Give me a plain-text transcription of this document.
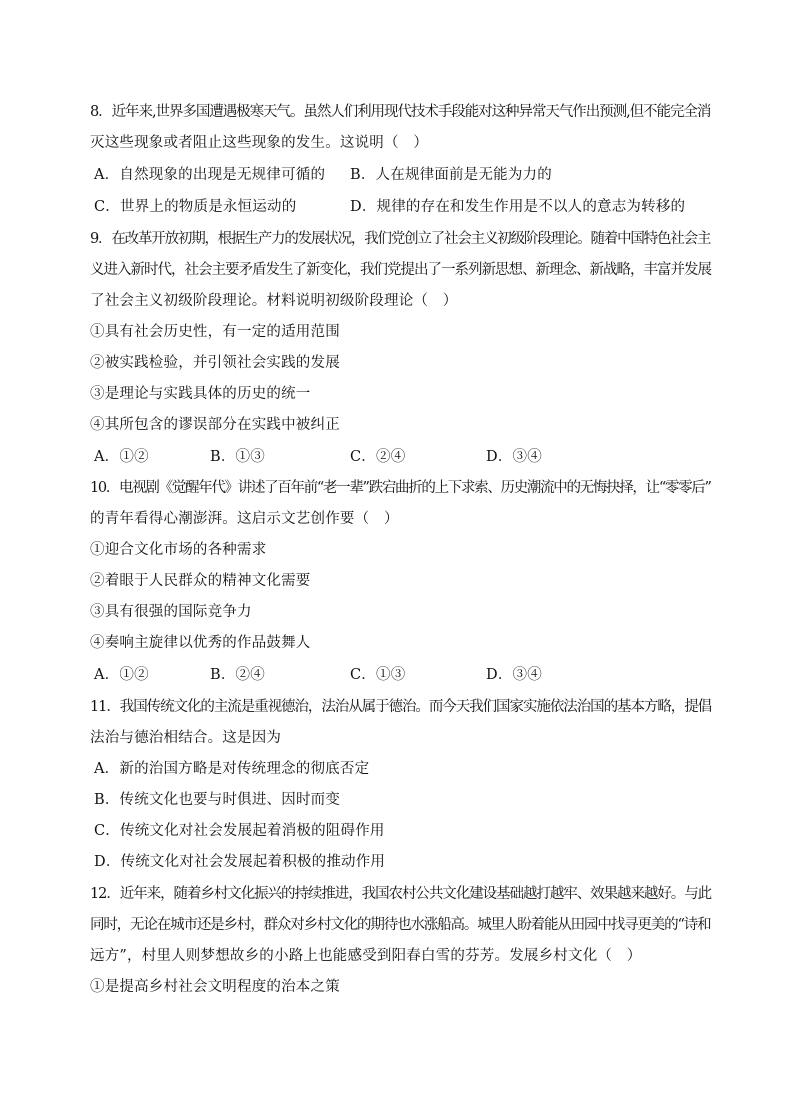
8．近年来,世界多国遭遇极寒天气。虽然人们利用现代技术手段能对这种异常天气作出预测,但不能完全消
灭这些现象或者阻止这些现象的发生。这说明（　）
A．自然现象的出现是无规律可循的 B．人在规律面前是无能为力的
C．世界上的物质是永恒运动的	D．规律的存在和发生作用是不以人的意志为转移的
9．在改革开放初期，根据生产力的发展状况，我们党创立了社会主义初级阶段理论。随着中国特色社会主
义进入新时代，社会主要矛盾发生了新变化，我们党提出了一系列新思想、新理念、新战略，丰富并发展
了社会主义初级阶段理论。材料说明初级阶段理论（　）
①具有社会历史性，有一定的适用范围
②被实践检验，并引领社会实践的发展
③是理论与实践具体的历史的统一
④其所包含的谬误部分在实践中被纠正
A．①②	B．①③	C．②④	D．③④
10．电视剧《觉醒年代》讲述了百年前“老一辈”跌宕曲折的上下求索、历史潮流中的无悔抉择，让“零零后”
的青年看得心潮澎湃。这启示文艺创作要（　）
①迎合文化市场的各种需求
②着眼于人民群众的精神文化需要
③具有很强的国际竞争力
④奏响主旋律以优秀的作品鼓舞人
A．①②	B．②④	C．①③	D．③④
11．我国传统文化的主流是重视德治，法治从属于德治。而今天我们国家实施依法治国的基本方略，提倡
法治与德治相结合。这是因为
A．新的治国方略是对传统理念的彻底否定
B．传统文化也要与时俱进、因时而变
C．传统文化对社会发展起着消极的阻碍作用
D．传统文化对社会发展起着积极的推动作用
12．近年来，随着乡村文化振兴的持续推进，我国农村公共文化建设基础越打越牢、效果越来越好。与此
同时，无论在城市还是乡村，群众对乡村文化的期待也水涨船高。城里人盼着能从田园中找寻更美的“诗和
远方”，村里人则梦想故乡的小路上也能感受到阳春白雪的芬芳。发展乡村文化（　）
①是提高乡村社会文明程度的治本之策
